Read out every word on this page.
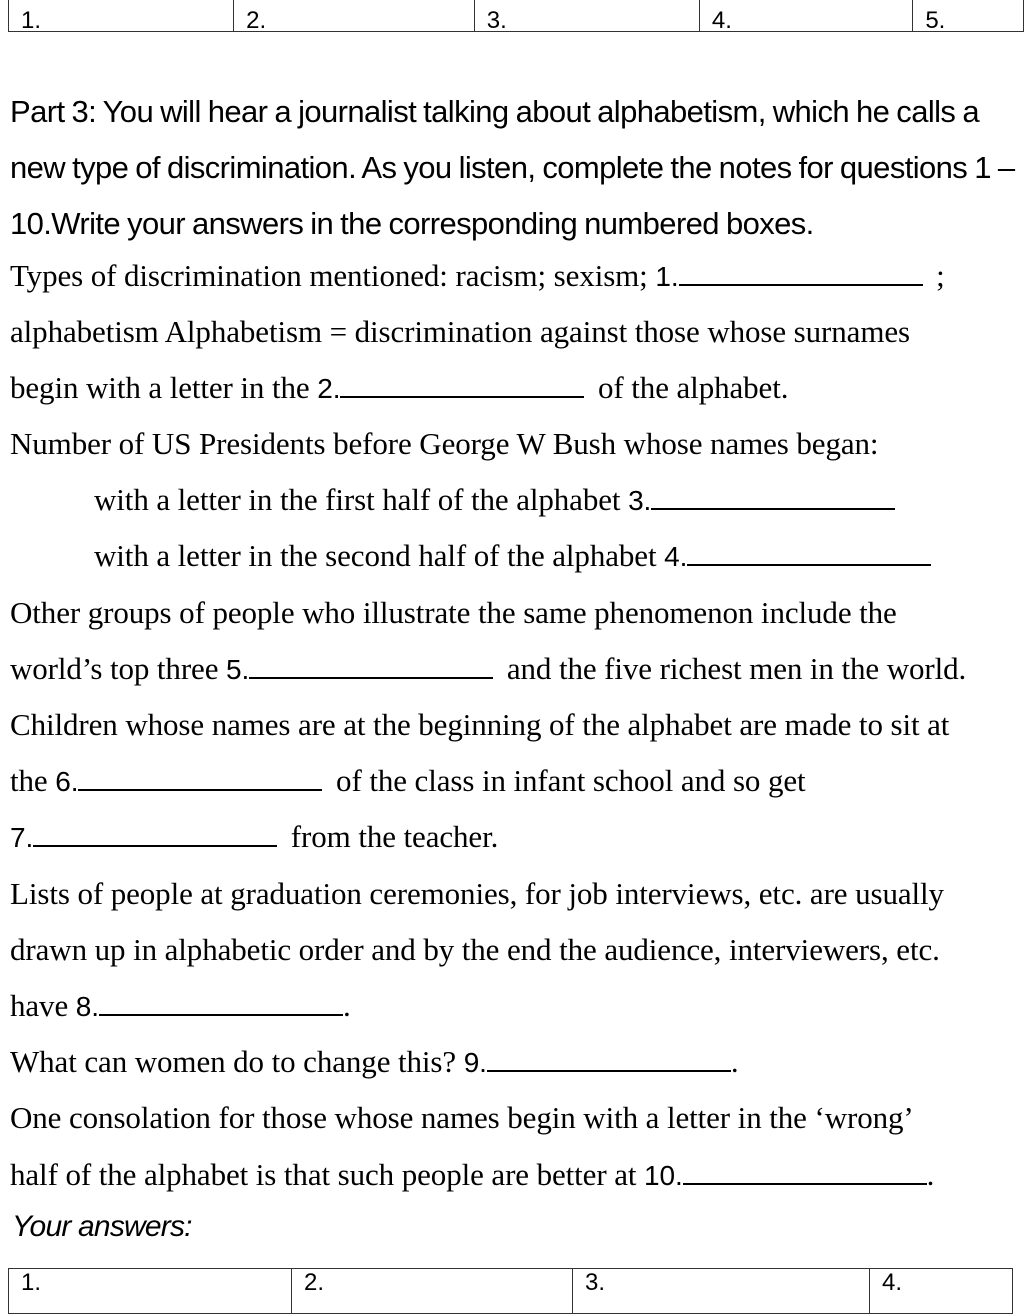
1.	2.	3.	4.	5.
Part 3: You will hear a journalist talking about alphabetism, which he calls a new type of discrimination. As you listen, complete the notes for questions 1 – 10.Write your answers in the corresponding numbered boxes.
Types of discrimination mentioned: racism; sexism; 1.	;
alphabetism Alphabetism = discrimination against those whose surnames
begin with a letter in the 2.	of the alphabet.
Number of US Presidents before George W Bush whose names began:
with a letter in the first half of the alphabet 3.
with a letter in the second half of the alphabet 4.
Other groups of people who illustrate the same phenomenon include the
world’s top three 5.	and the five richest men in the world.
Children whose names are at the beginning of the alphabet are made to sit at
the 6.	of the class in infant school and so get
7.	from the teacher.
Lists of people at graduation ceremonies, for job interviews, etc. are usually
drawn up in alphabetic order and by the end the audience, interviewers, etc.
have 8.	.
What can women do to change this? 9.	.
One consolation for those whose names begin with a letter in the ‘wrong’
half of the alphabet is that such people are better at 10.	.
Your answers:
1.	2.	3.	4.
